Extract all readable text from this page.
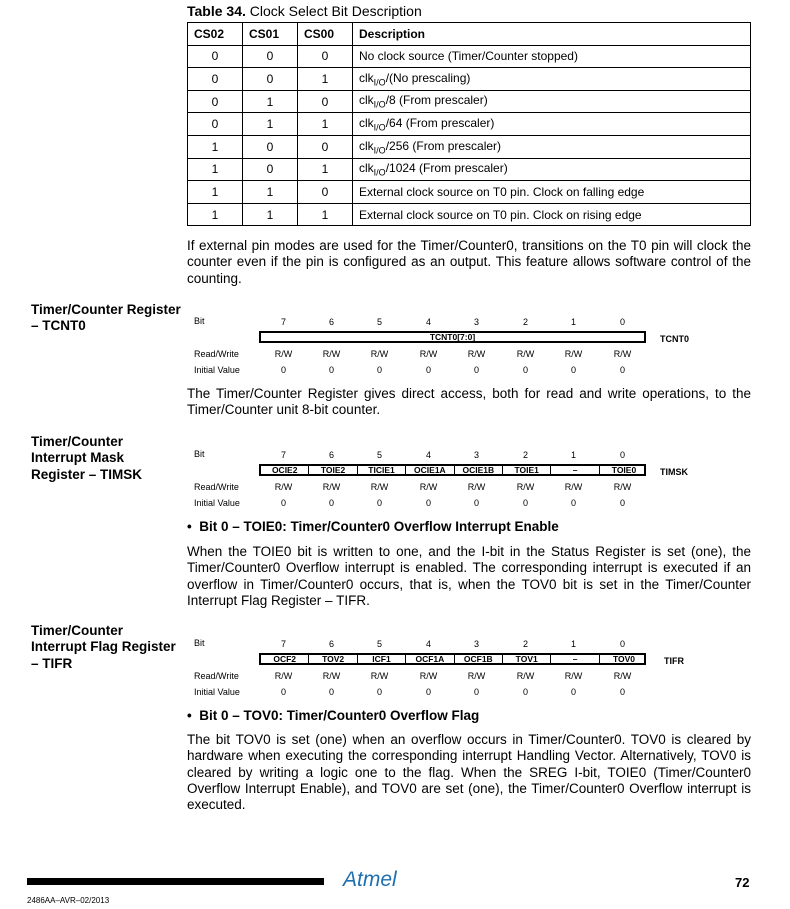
Table 34. Clock Select Bit Description
CS02	CS01	CS00	Description
0	0	0	No clock source (Timer/Counter stopped)
0	0	1	clk$_{I/O}$/(No prescaling)
0	1	0	clk$_{I/O}$/8 (From prescaler)
0	1	1	clk$_{I/O}$/64 (From prescaler)
1	0	0	clk$_{I/O}$/256 (From prescaler)
1	0	1	clk$_{I/O}$/1024 (From prescaler)
1	1	0	External clock source on T0 pin. Clock on falling edge
1	1	1	External clock source on T0 pin. Clock on rising edge
If external pin modes are used for the Timer/Counter0, transitions on the T0 pin will clock the counter even if the pin is configured as an output. This feature allows software control of the counting.
Timer/Counter Register – TCNT0	Bit	7	6	5	4	3	2	1	0
TCNT0[7:0]	TCNT0
Read/Write	R/W	R/W	R/W	R/W	R/W	R/W	R/W	R/W
Initial Value	0	0	0	0	0	0	0	0
The Timer/Counter Register gives direct access, both for read and write operations, to the Timer/Counter unit 8-bit counter.
Timer/Counter Interrupt Mask Register – TIMSK
Bit	7	6	5	4	3	2	1	0
OCIE2	TOIE2	TICIE1	OCIE1A	OCIE1B	TOIE1	–	TOIE0	TIMSK
Read/Write	R/W	R/W	R/W	R/W	R/W	R/W	R/W	R/W
Initial Value	0	0	0	0	0	0	0	0
•  Bit 0 – TOIE0: Timer/Counter0 Overflow Interrupt Enable
When the TOIE0 bit is written to one, and the I-bit in the Status Register is set (one), the Timer/Counter0 Overflow interrupt is enabled. The corresponding interrupt is executed if an overflow in Timer/Counter0 occurs, that is, when the TOV0 bit is set in the Timer/Counter Interrupt Flag Register – TIFR.
Timer/Counter Interrupt Flag Register – TIFR
Bit	7	6	5	4	3	2	1	0
OCF2	TOV2	ICF1	OCF1A	OCF1B	TOV1	–	TOV0	TIFR
Read/Write	R/W	R/W	R/W	R/W	R/W	R/W	R/W	R/W
Initial Value	0	0	0	0	0	0	0	0
•  Bit 0 – TOV0: Timer/Counter0 Overflow Flag
The bit TOV0 is set (one) when an overflow occurs in Timer/Counter0. TOV0 is cleared by hardware when executing the corresponding interrupt Handling Vector. Alternatively, TOV0 is cleared by writing a logic one to the flag. When the SREG I-bit, TOIE0 (Timer/Counter0 Overflow Interrupt Enable), and TOV0 are set (one), the Timer/Counter0 Overflow interrupt is executed.
2486AA–AVR–02/2013
Atmel	72
